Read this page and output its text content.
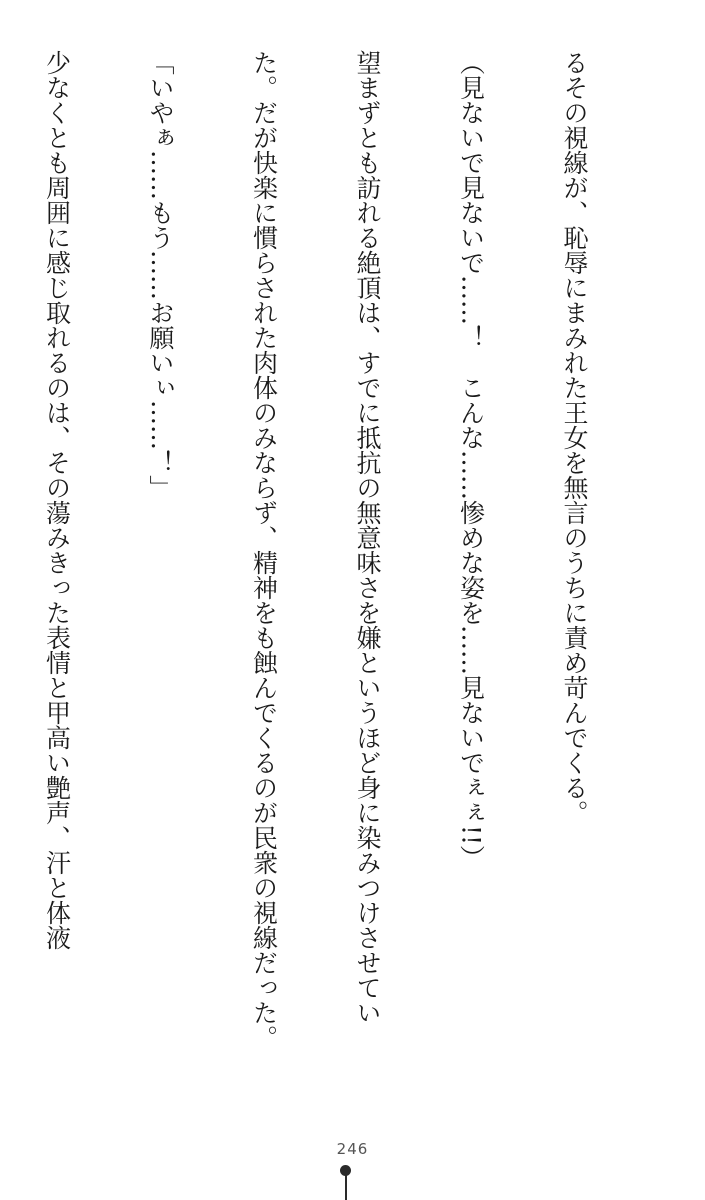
るその視線が、恥辱にまみれた王女を無言のうちに責め苛んでくる。

（見ないで見ないで……！　こんな……惨めな姿を……見ないでぇぇ!!）

望まずとも訪れる絶頂は、すでに抵抗の無意味さを嫌というほど身に染みつけさせてい

た。だが快楽に慣らされた肉体のみならず、精神をも蝕んでくるのが民衆の視線だった。

「いやぁ……もう……お願いぃ……！」

少なくとも周囲に感じ取れるのは、その蕩みきった表情と甲高い艶声、汗と体液

246
